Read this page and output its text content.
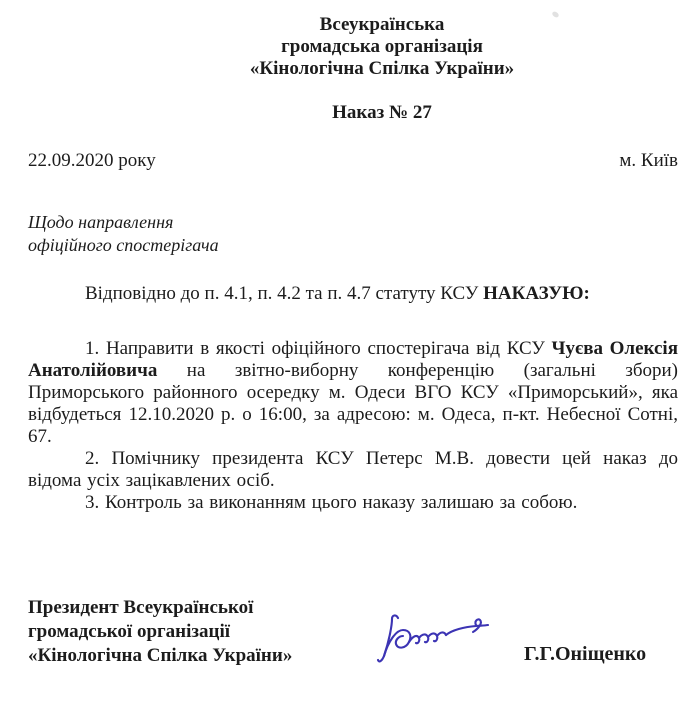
Всеукраїнська
громадська організація
«Кінологічна Спілка України»
Наказ № 27
22.09.2020 року	м. Київ
Щодо направлення
офіційного спостерігача
Відповідно до п. 4.1, п. 4.2 та п. 4.7 статуту КСУ НАКАЗУЮ:

1. Направити в якості офіційного спостерігача від КСУ Чуєва Олексія Анатолійовича на звітно-виборну конференцію (загальні збори) Приморського районного осередку м. Одеси ВГО КСУ «Приморський», яка відбудеться 12.10.2020 р. о 16:00, за адресою: м. Одеса, п-кт. Небесної Сотні, 67.

2. Помічнику президента КСУ Петерс М.В. довести цей наказ до відома усіх зацікавлених осіб.

3. Контроль за виконанням цього наказу залишаю за собою.

Президент Всеукраїнської
громадської організації
«Кінологічна Спілка України»	Г.Г.Оніщенко
